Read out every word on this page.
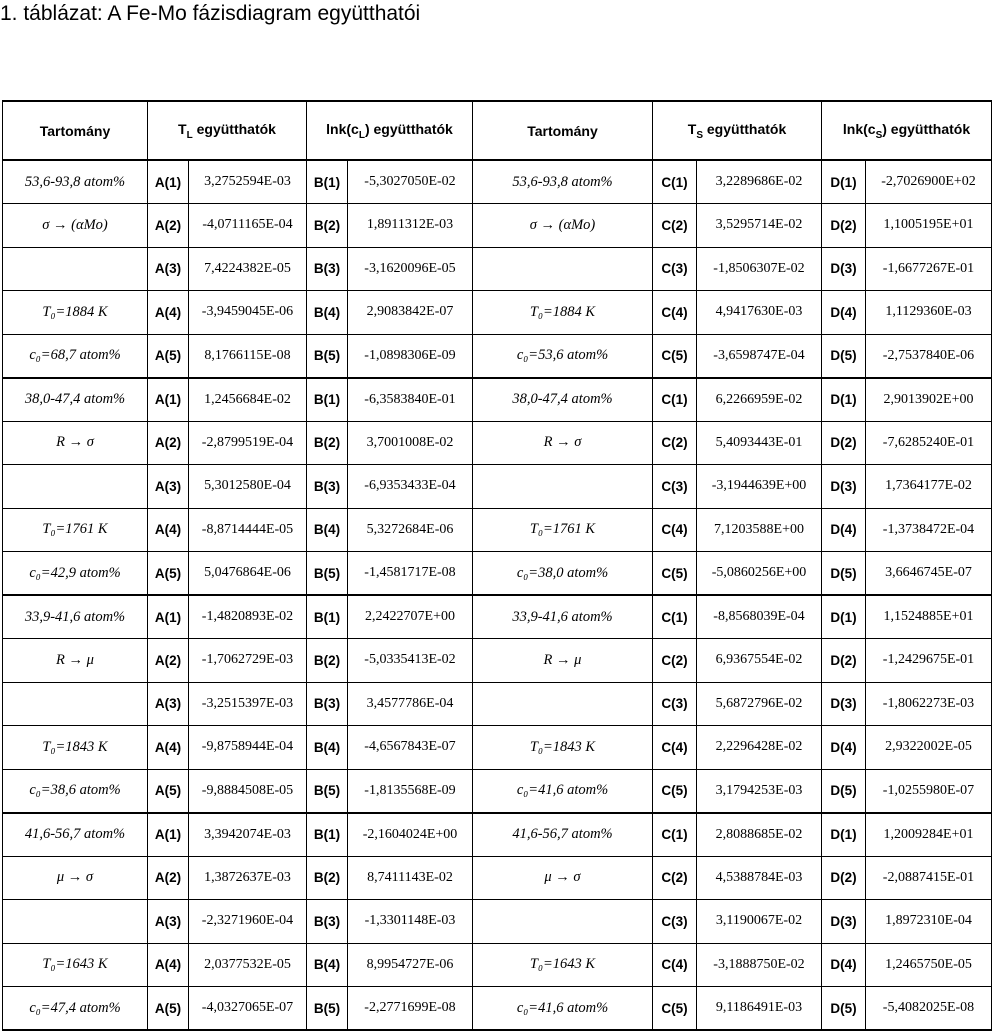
1. táblázat: A Fe-Mo fázisdiagram együtthatói
Tartomány	$T_L$ együtthatók		$\ln k(c_L)$ együtthatók		Tartomány	$T_S$ együtthatók		$\ln k(c_S)$ együtthatók	
53,6-93,8 atom%	A(1)	3,2752594E-03	B(1)	-5,3027050E-02	53,6-93,8 atom%	C(1)	3,2289686E-02	D(1)	-2,7026900E+02
σ → (αMo)	A(2)	-4,0711165E-04	B(2)	1,8911312E-03	σ → (αMo)	C(2)	3,5295714E-02	D(2)	1,1005195E+01
	A(3)	7,4224382E-05	B(3)	-3,1620096E-05		C(3)	-1,8506307E-02	D(3)	-1,6677267E-01
T₀=1884 K	A(4)	-3,9459045E-06	B(4)	2,9083842E-07	T₀=1884 K	C(4)	4,9417630E-03	D(4)	1,1129360E-03
c₀=68,7 atom%	A(5)	8,1766115E-08	B(5)	-1,0898306E-09	c₀=53,6 atom%	C(5)	-3,6598747E-04	D(5)	-2,7537840E-06
38,0-47,4 atom%	A(1)	1,2456684E-02	B(1)	-6,3583840E-01	38,0-47,4 atom%	C(1)	6,2266959E-02	D(1)	2,9013902E+00
R → σ	A(2)	-2,8799519E-04	B(2)	3,7001008E-02	R → σ	C(2)	5,4093443E-01	D(2)	-7,6285240E-01
	A(3)	5,3012580E-04	B(3)	-6,9353433E-04		C(3)	-3,1944639E+00	D(3)	1,7364177E-02
T₀=1761 K	A(4)	-8,8714444E-05	B(4)	5,3272684E-06	T₀=1761 K	C(4)	7,1203588E+00	D(4)	-1,3738472E-04
c₀=42,9 atom%	A(5)	5,0476864E-06	B(5)	-1,4581717E-08	c₀=38,0 atom%	C(5)	-5,0860256E+00	D(5)	3,6646745E-07
33,9-41,6 atom%	A(1)	-1,4820893E-02	B(1)	2,2422707E+00	33,9-41,6 atom%	C(1)	-8,8568039E-04	D(1)	1,1524885E+01
R → μ	A(2)	-1,7062729E-03	B(2)	-5,0335413E-02	R → μ	C(2)	6,9367554E-02	D(2)	-1,2429675E-01
	A(3)	-3,2515397E-03	B(3)	3,4577786E-04		C(3)	5,6872796E-02	D(3)	-1,8062273E-03
T₀=1843 K	A(4)	-9,8758944E-04	B(4)	-4,6567843E-07	T₀=1843 K	C(4)	2,2296428E-02	D(4)	2,9322002E-05
c₀=38,6 atom%	A(5)	-9,8884508E-05	B(5)	-1,8135568E-09	c₀=41,6 atom%	C(5)	3,1794253E-03	D(5)	-1,0255980E-07
41,6-56,7 atom%	A(1)	3,3942074E-03	B(1)	-2,1604024E+00	41,6-56,7 atom%	C(1)	2,8088685E-02	D(1)	1,2009284E+01
μ → σ	A(2)	1,3872637E-03	B(2)	8,7411143E-02	μ → σ	C(2)	4,5388784E-03	D(2)	-2,0887415E-01
	A(3)	-2,3271960E-04	B(3)	-1,3301148E-03		C(3)	3,1190067E-02	D(3)	1,8972310E-04
T₀=1643 K	A(4)	2,0377532E-05	B(4)	8,9954727E-06	T₀=1643 K	C(4)	-3,1888750E-02	D(4)	1,2465750E-05
c₀=47,4 atom%	A(5)	-4,0327065E-07	B(5)	-2,2771699E-08	c₀=41,6 atom%	C(5)	9,1186491E-03	D(5)	-5,4082025E-08
